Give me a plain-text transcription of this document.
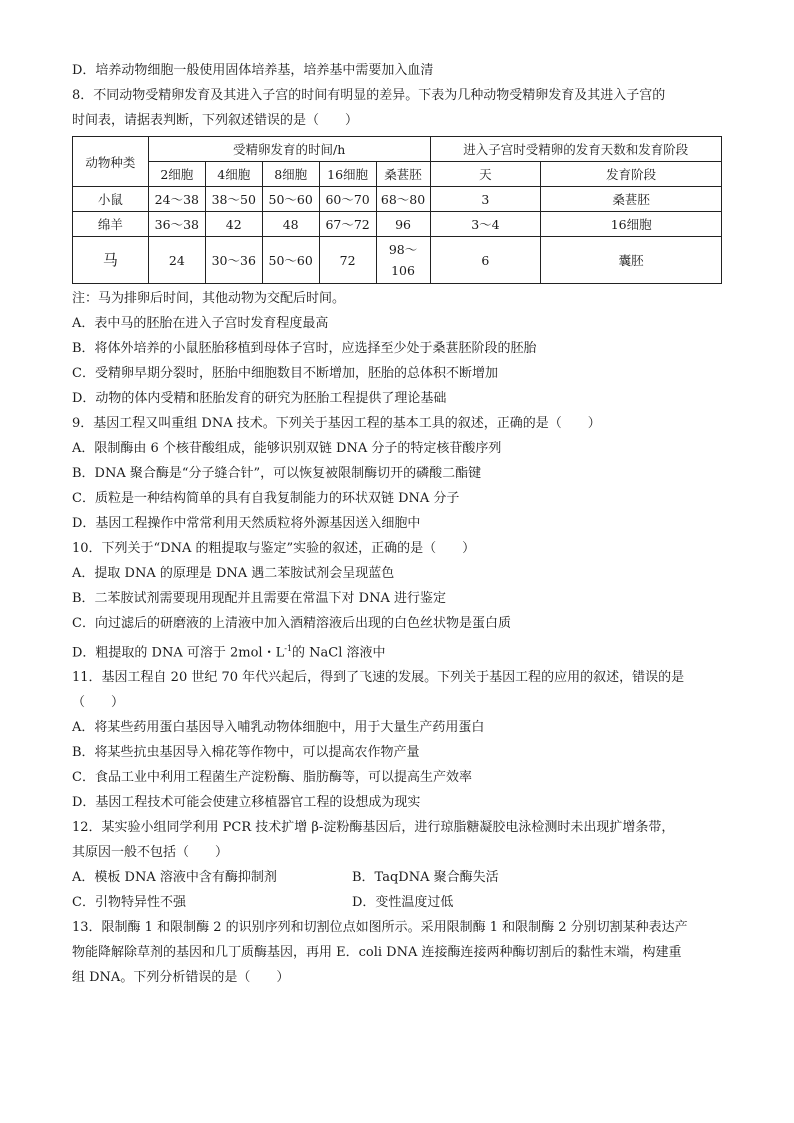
D．培养动物细胞一般使用固体培养基，培养基中需要加入血清
8．不同动物受精卵发育及其进入子宫的时间有明显的差异。下表为几种动物受精卵发育及其进入子宫的
时间表，请据表判断，下列叙述错误的是（　　）
动物种类	受精卵发育的时间/h					进入子宫时受精卵的发育天数和发育阶段	
	2细胞	4细胞	8细胞	16细胞	桑葚胚	天	发育阶段
小鼠	24～38	38～50	50～60	60～70	68～80	3	桑葚胚
绵羊	36～38	42	48	67～72	96	3～4	16细胞
马	24	30～36	50～60	72	98～
106	6	囊胚
注：马为排卵后时间，其他动物为交配后时间。
A．表中马的胚胎在进入子宫时发育程度最高
B．将体外培养的小鼠胚胎移植到母体子宫时，应选择至少处于桑葚胚阶段的胚胎
C．受精卵早期分裂时，胚胎中细胞数目不断增加，胚胎的总体积不断增加
D．动物的体内受精和胚胎发育的研究为胚胎工程提供了理论基础
9．基因工程又叫重组 DNA 技术。下列关于基因工程的基本工具的叙述，正确的是（　　）
A．限制酶由 6 个核苷酸组成，能够识别双链 DNA 分子的特定核苷酸序列
B．DNA 聚合酶是“分子缝合针”，可以恢复被限制酶切开的磷酸二酯键
C．质粒是一种结构简单的具有自我复制能力的环状双链 DNA 分子
D．基因工程操作中常常利用天然质粒将外源基因送入细胞中
10．下列关于“DNA 的粗提取与鉴定”实验的叙述，正确的是（　　）
A．提取 DNA 的原理是 DNA 遇二苯胺试剂会呈现蓝色
B．二苯胺试剂需要现用现配并且需要在常温下对 DNA 进行鉴定
C．向过滤后的研磨液的上清液中加入酒精溶液后出现的白色丝状物是蛋白质
D．粗提取的 DNA 可溶于 2mol・$L^{-1}$的 NaCl 溶液中
11．基因工程自 20 世纪 70 年代兴起后，得到了飞速的发展。下列关于基因工程的应用的叙述，错误的是
（　　）
A．将某些药用蛋白基因导入哺乳动物体细胞中，用于大量生产药用蛋白
B．将某些抗虫基因导入棉花等作物中，可以提高农作物产量
C．食品工业中利用工程菌生产淀粉酶、脂肪酶等，可以提高生产效率
D．基因工程技术可能会使建立移植器官工程的设想成为现实
12．某实验小组同学利用 PCR 技术扩增 β-淀粉酶基因后，进行琼脂糖凝胶电泳检测时未出现扩增条带，
其原因一般不包括（　　）
A．模板 DNA 溶液中含有酶抑制剂	B．TaqDNA 聚合酶失活
C．引物特异性不强	D．变性温度过低
13．限制酶 1 和限制酶 2 的识别序列和切割位点如图所示。采用限制酶 1 和限制酶 2 分别切割某种表达产
物能降解除草剂的基因和几丁质酶基因，再用 E．coli DNA 连接酶连接两种酶切割后的黏性末端，构建重
组 DNA。下列分析错误的是（　　）
